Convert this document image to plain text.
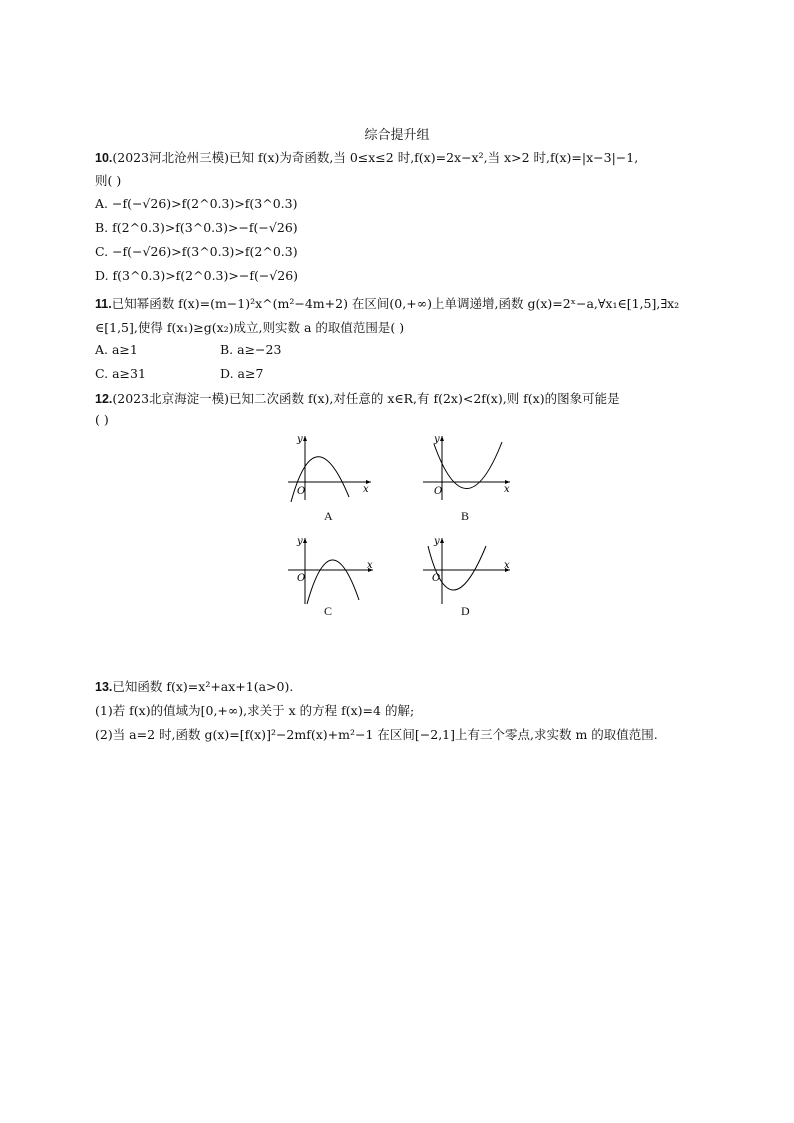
综合提升组
10.(2023河北沧州三模)已知 f(x)为奇函数,当 0≤x≤2 时,f(x)=2x−x²,当 x>2 时,f(x)=|x−3|−1,
则( )
A. −f(−√26)>f(2^0.3)>f(3^0.3)
B. f(2^0.3)>f(3^0.3)>−f(−√26)
C. −f(−√26)>f(3^0.3)>f(2^0.3)
D. f(3^0.3)>f(2^0.3)>−f(−√26)
11.已知幂函数 f(x)=(m−1)²x^(m²−4m+2) 在区间(0,+∞)上单调递增,函数 g(x)=2ˣ−a,∀x₁∈[1,5],∃x₂
∈[1,5],使得 f(x₁)≥g(x₂)成立,则实数 a 的取值范围是( )
A. a≥1	B. a≥−23
C. a≥31	D. a≥7
12.(2023北京海淀一模)已知二次函数 f(x),对任意的 x∈R,有 f(2x)<2f(x),则 f(x)的图象可能是
( )
x
y
O
A
x
y
O
B
x
y
O
C
x
y
O
D
13.已知函数 f(x)=x²+ax+1(a>0).
(1)若 f(x)的值域为[0,+∞),求关于 x 的方程 f(x)=4 的解;
(2)当 a=2 时,函数 g(x)=[f(x)]²−2mf(x)+m²−1 在区间[−2,1]上有三个零点,求实数 m 的取值范围.
